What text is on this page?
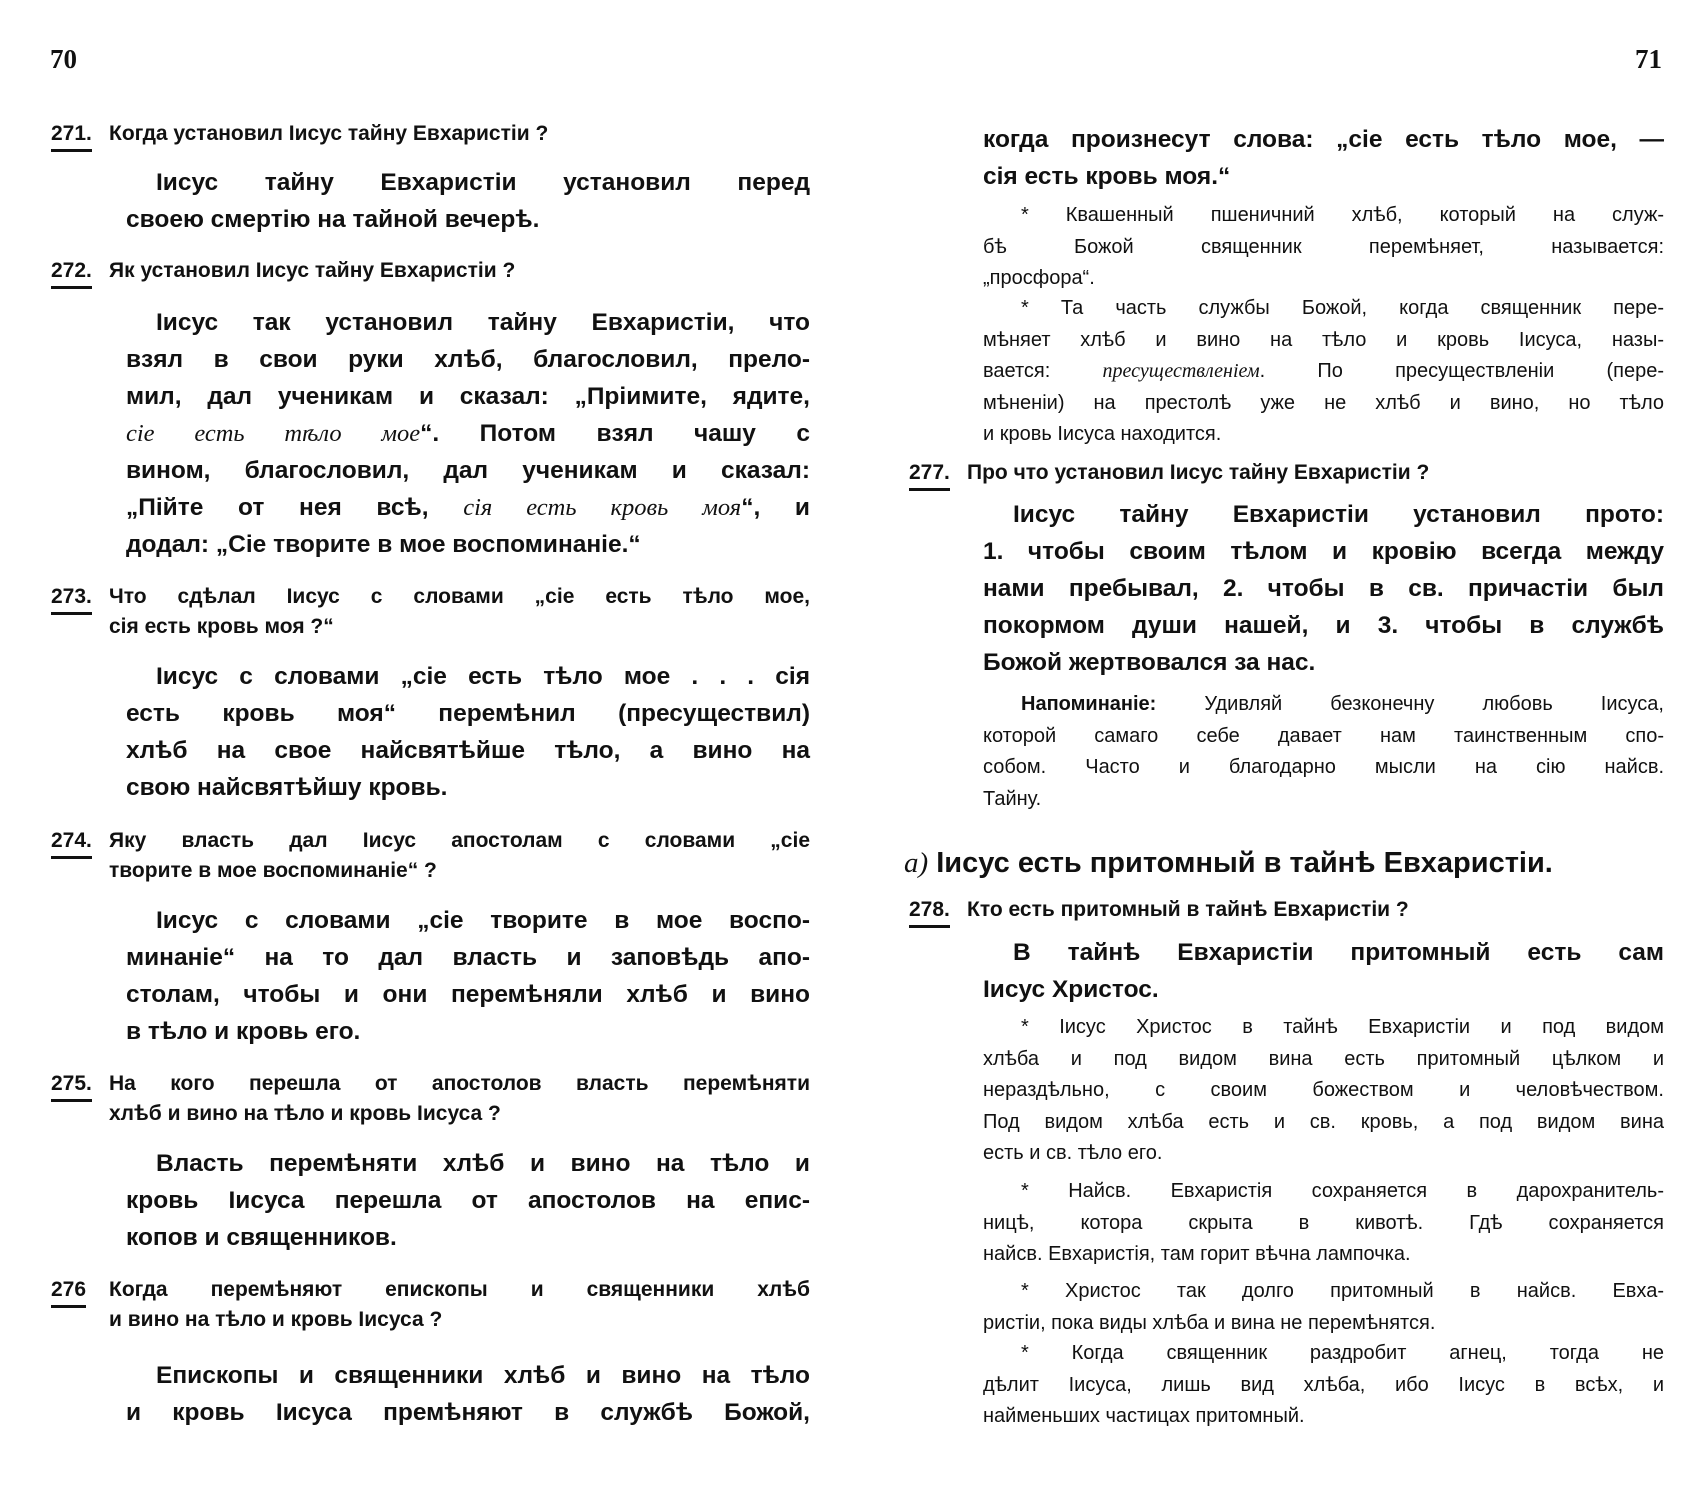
70	71
271. Когда установил Іисус тайну Евхаристіи ?
Іисус тайну Евхаристіи установил перед
своею смертію на тайной вечерѣ.
272. Як установил Іисус тайну Евхаристіи ?
Іисус так установил тайну Евхаристіи, что
взял в свои руки хлѣб, благословил, прело-
мил, дал ученикам и сказал: „Пріимите, ядите,
сіе есть тѣло мое“. Потом взял чашу с
вином, благословил, дал ученикам и сказал:
„Пійте от нея всѣ, сія есть кровь моя“, и
додал: „Сіе творите в мое воспоминаніе.“
273. Что сдѣлал Іисус с словами „сіе есть тѣло мое,
сія есть кровь моя ?“
Іисус с словами „сіе есть тѣло мое . . . сія
есть кровь моя“ перемѣнил (пресуществил)
хлѣб на свое найсвятѣйше тѣло, а вино на
свою найсвятѣйшу кровь.
274. Яку власть дал Іисус апостолам с словами „сіе
творите в мое воспоминаніе“ ?
Іисус с словами „сіе творите в мое воспо-
минаніе“ на то дал власть и заповѣдь апо-
столам, чтобы и они перемѣняли хлѣб и вино
в тѣло и кровь его.
275. На кого перешла от апостолов власть перемѣняти
хлѣб и вино на тѣло и кровь Іисуса ?
Власть перемѣняти хлѣб и вино на тѣло и
кровь Іисуса перешла от апостолов на епис-
копов и священников.
276 Когда перемѣняют епископы и священники хлѣб
и вино на тѣло и кровь Іисуса ?
Епископы и священники хлѣб и вино на тѣло
и кровь Іисуса премѣняют в службѣ Божой,
когда произнесут слова: „сіе есть тѣло мое, —
сія есть кровь моя.“
* Квашенный пшеничний хлѣб, который на служ-
бѣ Божой священник перемѣняет, называется:
„просфора“.
* Та часть службы Божой, когда священник пере-
мѣняет хлѣб и вино на тѣло и кровь Іисуса, назы-
вается: пресуществленіем. По пресуществленіи (пере-
мѣненіи) на престолѣ уже не хлѣб и вино, но тѣло
и кровь Іисуса находится.
277. Про что установил Іисус тайну Евхаристіи ?
Іисус тайну Евхаристіи установил прото:
1. чтобы своим тѣлом и кровію всегда между
нами пребывал, 2. чтобы в св. причастіи был
покормом души нашей, и 3. чтобы в службѣ
Божой жертвовался за нас.
Напоминаніе: Удивляй безконечну любовь Іисуса,
которой самаго себе давает нам таинственным спо-
собом. Часто и благодарно мысли на сію найсв.
Тайну.
а) Іисус есть притомный в тайнѣ Евхаристіи.
278. Кто есть притомный в тайнѣ Евхаристіи ?
В тайнѣ Евхаристіи притомный есть сам
Іисус Христос.
* Іисус Христос в тайнѣ Евхаристіи и под видом
хлѣба и под видом вина есть притомный цѣлком и
нераздѣльно, с своим божеством и человѣчеством.
Под видом хлѣба есть и св. кровь, а под видом вина
есть и св. тѣло его.
* Найсв. Евхаристія сохраняется в дарохранитель-
ницѣ, котора скрыта в кивотѣ. Гдѣ сохраняется
найсв. Евхаристія, там горит вѣчна лампочка.
* Христос так долго притомный в найсв. Евха-
ристіи, пока виды хлѣба и вина не перемѣнятся.
* Когда священник раздробит агнец, тогда не
дѣлит Іисуса, лишь вид хлѣба, ибо Іисус в всѣх, и
найменьших частицах притомный.
